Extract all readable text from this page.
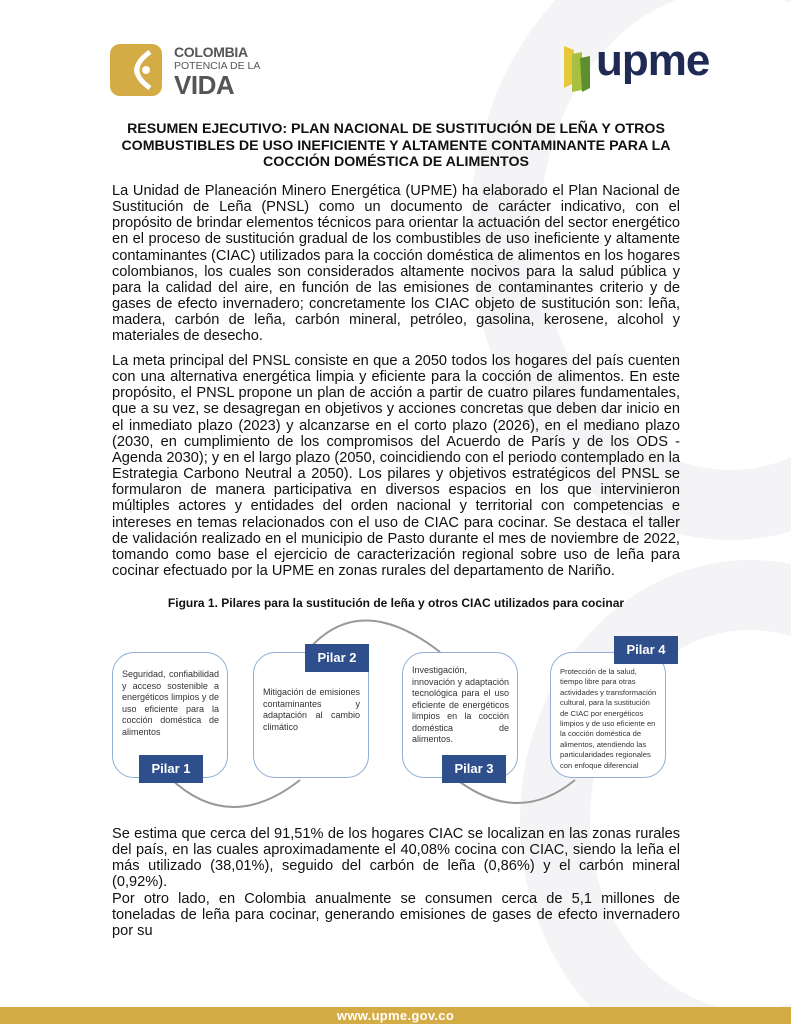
COLOMBIA
POTENCIA DE LA
VIDA	upme
RESUMEN EJECUTIVO: PLAN NACIONAL DE SUSTITUCIÓN DE LEÑA Y OTROS COMBUSTIBLES DE USO INEFICIENTE Y ALTAMENTE CONTAMINANTE PARA LA COCCIÓN DOMÉSTICA DE ALIMENTOS
La Unidad de Planeación Minero Energética (UPME) ha elaborado el Plan Nacional de Sustitución de Leña (PNSL) como un documento de carácter indicativo, con el propósito de brindar elementos técnicos para orientar la actuación del sector energético en el proceso de sustitución gradual de los combustibles de uso ineficiente y altamente contaminantes (CIAC) utilizados para la cocción doméstica de alimentos en los hogares colombianos, los cuales son considerados altamente nocivos para la salud pública y para la calidad del aire, en función de las emisiones de contaminantes criterio y de gases de efecto invernadero; concretamente los CIAC objeto de sustitución son: leña, madera, carbón de leña, carbón mineral, petróleo, gasolina, kerosene, alcohol y materiales de desecho.
La meta principal del PNSL consiste en que a 2050 todos los hogares del país cuenten con una alternativa energética limpia y eficiente para la cocción de alimentos. En este propósito, el PNSL propone un plan de acción a partir de cuatro pilares fundamentales, que a su vez, se desagregan en objetivos y acciones concretas que deben dar inicio en el inmediato plazo (2023) y alcanzarse en el corto plazo (2026), en el mediano plazo (2030, en cumplimiento de los compromisos del Acuerdo de París y de los ODS - Agenda 2030); y en el largo plazo (2050, coincidiendo con el periodo contemplado en la Estrategia Carbono Neutral a 2050). Los pilares y objetivos estratégicos del PNSL se formularon de manera participativa en diversos espacios en los que intervinieron múltiples actores y entidades del orden nacional y territorial con competencias e intereses en temas relacionados con el uso de CIAC para cocinar. Se destaca el taller de validación realizado en el municipio de Pasto durante el mes de noviembre de 2022, tomando como base el ejercicio de caracterización regional sobre uso de leña para cocinar efectuado por la UPME en zonas rurales del departamento de Nariño.
Figura 1. Pilares para la sustitución de leña y otros CIAC utilizados para cocinar
Seguridad, confiabilidad y acceso sostenible a energéticos limpios y de uso eficiente para la cocción doméstica de alimentos
Mitigación de emisiones contaminantes y adaptación al cambio climático
Investigación, innovación y adaptación tecnológica para el uso eficiente de energéticos limpios en la cocción doméstica de alimentos.
Protección de la salud, tiempo libre para otras actividades y transformación cultural, para la sustitución de CIAC por energéticos limpios y de uso eficiente en la cocción doméstica de alimentos, atendiendo las particularidades regionales con enfoque diferencial
Pilar 1
Pilar 2
Pilar 3
Pilar 4
Se estima que cerca del 91,51% de los hogares CIAC se localizan en las zonas rurales del país, en las cuales aproximadamente el 40,08% cocina con CIAC, siendo la leña el más utilizado (38,01%), seguido del carbón de leña (0,86%) y el carbón mineral (0,92%).
Por otro lado, en Colombia anualmente se consumen cerca de 5,1 millones de toneladas de leña para cocinar, generando emisiones de gases de efecto invernadero por su
www.upme.gov.co
